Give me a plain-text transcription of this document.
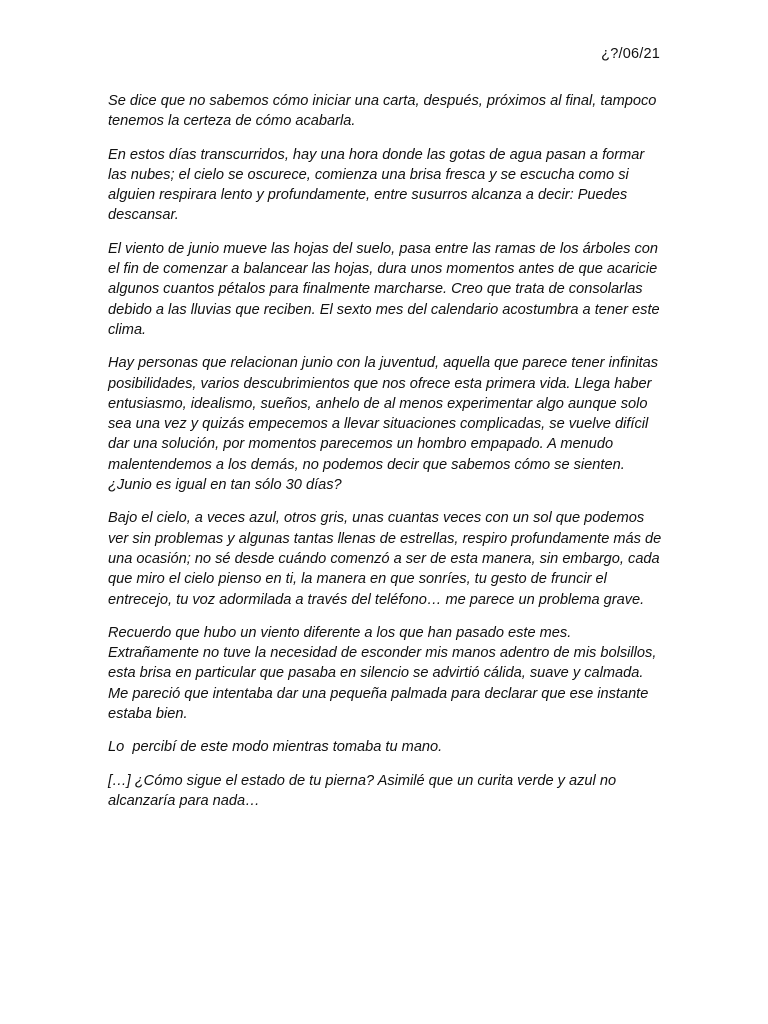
¿?/06/21

Se dice que no sabemos cómo iniciar una carta, después, próximos al final, tampoco tenemos la certeza de cómo acabarla.

En estos días transcurridos, hay una hora donde las gotas de agua pasan a formar las nubes; el cielo se oscurece, comienza una brisa fresca y se escucha como si alguien respirara lento y profundamente, entre susurros alcanza a decir: Puedes descansar.

El viento de junio mueve las hojas del suelo, pasa entre las ramas de los árboles con el fin de comenzar a balancear las hojas, dura unos momentos antes de que acaricie algunos cuantos pétalos para finalmente marcharse. Creo que trata de consolarlas debido a las lluvias que reciben. El sexto mes del calendario acostumbra a tener este clima.

Hay personas que relacionan junio con la juventud, aquella que parece tener infinitas posibilidades, varios descubrimientos que nos ofrece esta primera vida. Llega haber entusiasmo, idealismo, sueños, anhelo de al menos experimentar algo aunque solo sea una vez y quizás empecemos a llevar situaciones complicadas, se vuelve difícil dar una solución, por momentos parecemos un hombro empapado. A menudo malentendemos a los demás, no podemos decir que sabemos cómo se sienten. ¿Junio es igual en tan sólo 30 días?

Bajo el cielo, a veces azul, otros gris, unas cuantas veces con un sol que podemos ver sin problemas y algunas tantas llenas de estrellas, respiro profundamente más de una ocasión; no sé desde cuándo comenzó a ser de esta manera, sin embargo, cada que miro el cielo pienso en ti, la manera en que sonríes, tu gesto de fruncir el entrecejo, tu voz adormilada a través del teléfono… me parece un problema grave.

Recuerdo que hubo un viento diferente a los que han pasado este mes. Extrañamente no tuve la necesidad de esconder mis manos adentro de mis bolsillos, esta brisa en particular que pasaba en silencio se advirtió cálida, suave y calmada. Me pareció que intentaba dar una pequeña palmada para declarar que ese instante estaba bien.

Lo  percibí de este modo mientras tomaba tu mano.

[…] ¿Cómo sigue el estado de tu pierna? Asimilé que un curita verde y azul no alcanzaría para nada…
